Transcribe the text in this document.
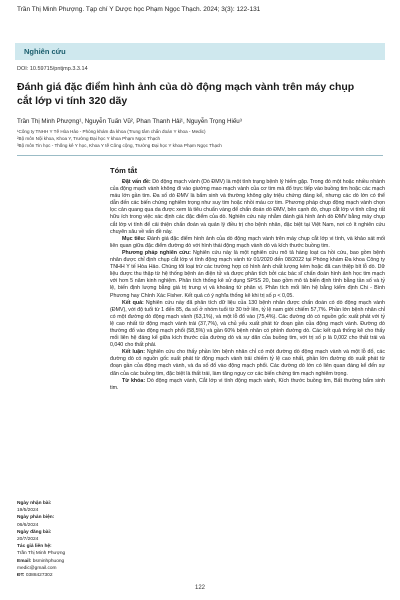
Trần Thị Minh Phượng. Tạp chí Y Dược học Phạm Ngọc Thạch. 2024; 3(3): 122-131
Nghiên cứu
DOI: 10.59715/pntjmp.3.3.14
Đánh giá đặc điểm hình ảnh của dò động mạch vành trên máy chụp cắt lớp vi tính 320 dãy
Trần Thị Minh Phượng¹, Nguyễn Tuấn Vũ², Phan Thanh Hải¹, Nguyễn Trọng Hiếu³
¹Công ty TNHH Y Tế Hòa Hảo - Phòng khám đa khoa (Trung tâm chẩn đoán Y khoa - Medic)
²Bộ môn Nội khoa, Khoa Y, Trường Đại học Y khoa Phạm Ngọc Thạch
³Bộ môn Tin học - Thống kê Y học, Khoa Y tế Công cộng, Trường Đại học Y khoa Phạm Ngọc Thạch
Tóm tắt

Đặt vấn đề: Dò động mạch vành (Dò ĐMV) là một tình trạng bệnh lý hiếm gặp. Trong đó một hoặc nhiều nhánh của động mạch vành không đi vào giường mao mạch vành của cơ tim mà đổ trực tiếp vào buồng tim hoặc các mạch máu lớn gần tim. Đa số dò ĐMV là bẩm sinh và thường không gây triệu chứng đáng kể, nhưng các dò lớn có thể dẫn đến các biến chứng nghiêm trọng như suy tim hoặc nhồi máu cơ tim. Phương pháp chụp động mạch vành chọn lọc cản quang qua da được xem là tiêu chuẩn vàng để chẩn đoán dò ĐMV, bên cạnh đó, chụp cắt lớp vi tính cũng rất hữu ích trong việc xác định các đặc điểm của dò. Nghiên cứu này nhằm đánh giá hình ảnh dò ĐMV bằng máy chụp cắt lớp vi tính để cải thiện chẩn đoán và quản lý điều trị cho bệnh nhân, đặc biệt tại Việt Nam, nơi có ít nghiên cứu chuyên sâu về vấn đề này.

Mục tiêu: Đánh giá đặc điểm hình ảnh của dò động mạch vành trên máy chụp cắt lớp vi tính, và khảo sát mối liên quan giữa đặc điểm đường dò với hình thái động mạch vành dò và kích thước buồng tim.

Phương pháp nghiên cứu: Nghiên cứu này là một nghiên cứu mô tả hàng loạt ca hồi cứu, bao gồm bệnh nhân được chỉ định chụp cắt lớp vi tính động mạch vành từ 01/2020 đến 08/2022 tại Phòng khám Đa khoa Công ty TNHH Y tế Hòa Hảo. Chúng tôi loại trừ các trường hợp có hình ảnh chất lượng kém hoặc đã can thiệp bít lỗ dò. Dữ liệu được thu thập từ hệ thống bệnh án điện tử và được phân tích bởi các bác sĩ chẩn đoán hình ảnh học tim mạch với hơn 5 năm kinh nghiệm. Phân tích thống kê sử dụng SPSS 20, bao gồm mô tả biến định tính bằng tần số và tỷ lệ, biến định lượng bằng giá trị trung vị và khoảng tứ phân vị. Phân tích mối liên hệ bằng kiểm định Chi - Bình Phương hay Chính Xác Fisher. Kết quả có ý nghĩa thống kê khi trị số p < 0,05.

Kết quả: Nghiên cứu này đã phân tích dữ liệu của 130 bệnh nhân được chẩn đoán có dò động mạch vành (ĐMV), với độ tuổi từ 1 đến 85, đa số ở nhóm tuổi từ 30 trở lên, tỷ lệ nam giới chiếm 57,7%. Phần lớn bệnh nhân chỉ có một đường dò động mạch vành (63,1%), và một lỗ đổ vào (75,4%). Các đường dò có nguồn gốc xuất phát với tỷ lệ cao nhất từ động mạch vành trái (37,7%), và chủ yếu xuất phát từ đoạn gần của động mạch vành. Đường dò thường đổ vào động mạch phổi (58,5%) và gần 60% bệnh nhân có phình đường dò. Các kết quả thống kê cho thấy mối liên hệ đáng kể giữa kích thước của đường dò và sự dãn của buồng tim, với trị số p là 0,002 cho thất trái và 0,040 cho thất phải.

Kết luận: Nghiên cứu cho thấy phần lớn bệnh nhân chỉ có một đường dò động mạch vành và một lỗ đổ, các đường dò có nguồn gốc xuất phát từ động mạch vành trái chiếm tỷ lệ cao nhất, phần lớn đường dò xuất phát từ đoạn gần của động mạch vành, và đa số đổ vào động mạch phổi. Các đường dò lớn có liên quan đáng kể đến sự dãn của các buồng tim, đặc biệt là thất trái, làm tăng nguy cơ các biến chứng tim mạch nghiêm trọng.

Từ khóa: Dò động mạch vành, Cắt lớp vi tính động mạch vành, Kích thước buồng tim, Bất thường bẩm sinh tim.

Ngày nhận bài:
19/5/2024
Ngày phản biện:
06/6/2024
Ngày đăng bài:
20/7/2024
Tác giả liên hệ:
Trần Thị Minh Phượng
Email: bsminhphuong medic@gmail.com
ĐT: 0388427302
122
